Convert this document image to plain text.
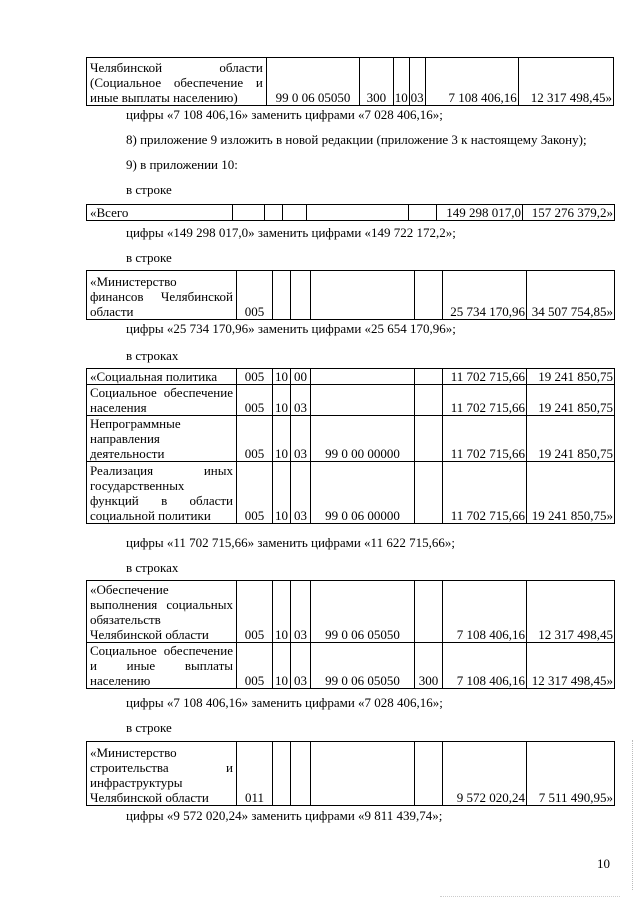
Челябинской области (Социальное обеспечение и иные выплаты населению)	99 0 06 05050	300	10	03	7 108 406,16	12 317 498,45»
цифры «7 108 406,16» заменить цифрами «7 028 406,16»;
8) приложение 9 изложить в новой редакции (приложение 3 к настоящему Закону);
9) в приложении 10:
в строке
«Всего						149 298 017,0	157 276 379,2»
цифры «149 298 017,0» заменить цифрами «149 722 172,2»;
в строке
«Министерство финансов Челябинской области	005					25 734 170,96	34 507 754,85»
цифры «25 734 170,96» заменить цифрами «25 654 170,96»;
в строках
«Социальная политика	005	10	00			11 702 715,66	19 241 850,75
Социальное обеспечение населения	005	10	03			11 702 715,66	19 241 850,75
Непрограммные направления деятельности	005	10	03	99 0 00 00000		11 702 715,66	19 241 850,75
Реализация иных государственных функций в области социальной политики	005	10	03	99 0 06 00000		11 702 715,66	19 241 850,75»
цифры «11 702 715,66» заменить цифрами «11 622 715,66»;
в строках
«Обеспечение выполнения социальных обязательств Челябинской области	005	10	03	99 0 06 05050		7 108 406,16	12 317 498,45
Социальное обеспечение и иные выплаты населению	005	10	03	99 0 06 05050	300	7 108 406,16	12 317 498,45»
цифры «7 108 406,16» заменить цифрами «7 028 406,16»;
в строке
«Министерство строительства и инфраструктуры Челябинской области	011					9 572 020,24	7 511 490,95»
цифры «9 572 020,24» заменить цифрами «9 811 439,74»;
10
